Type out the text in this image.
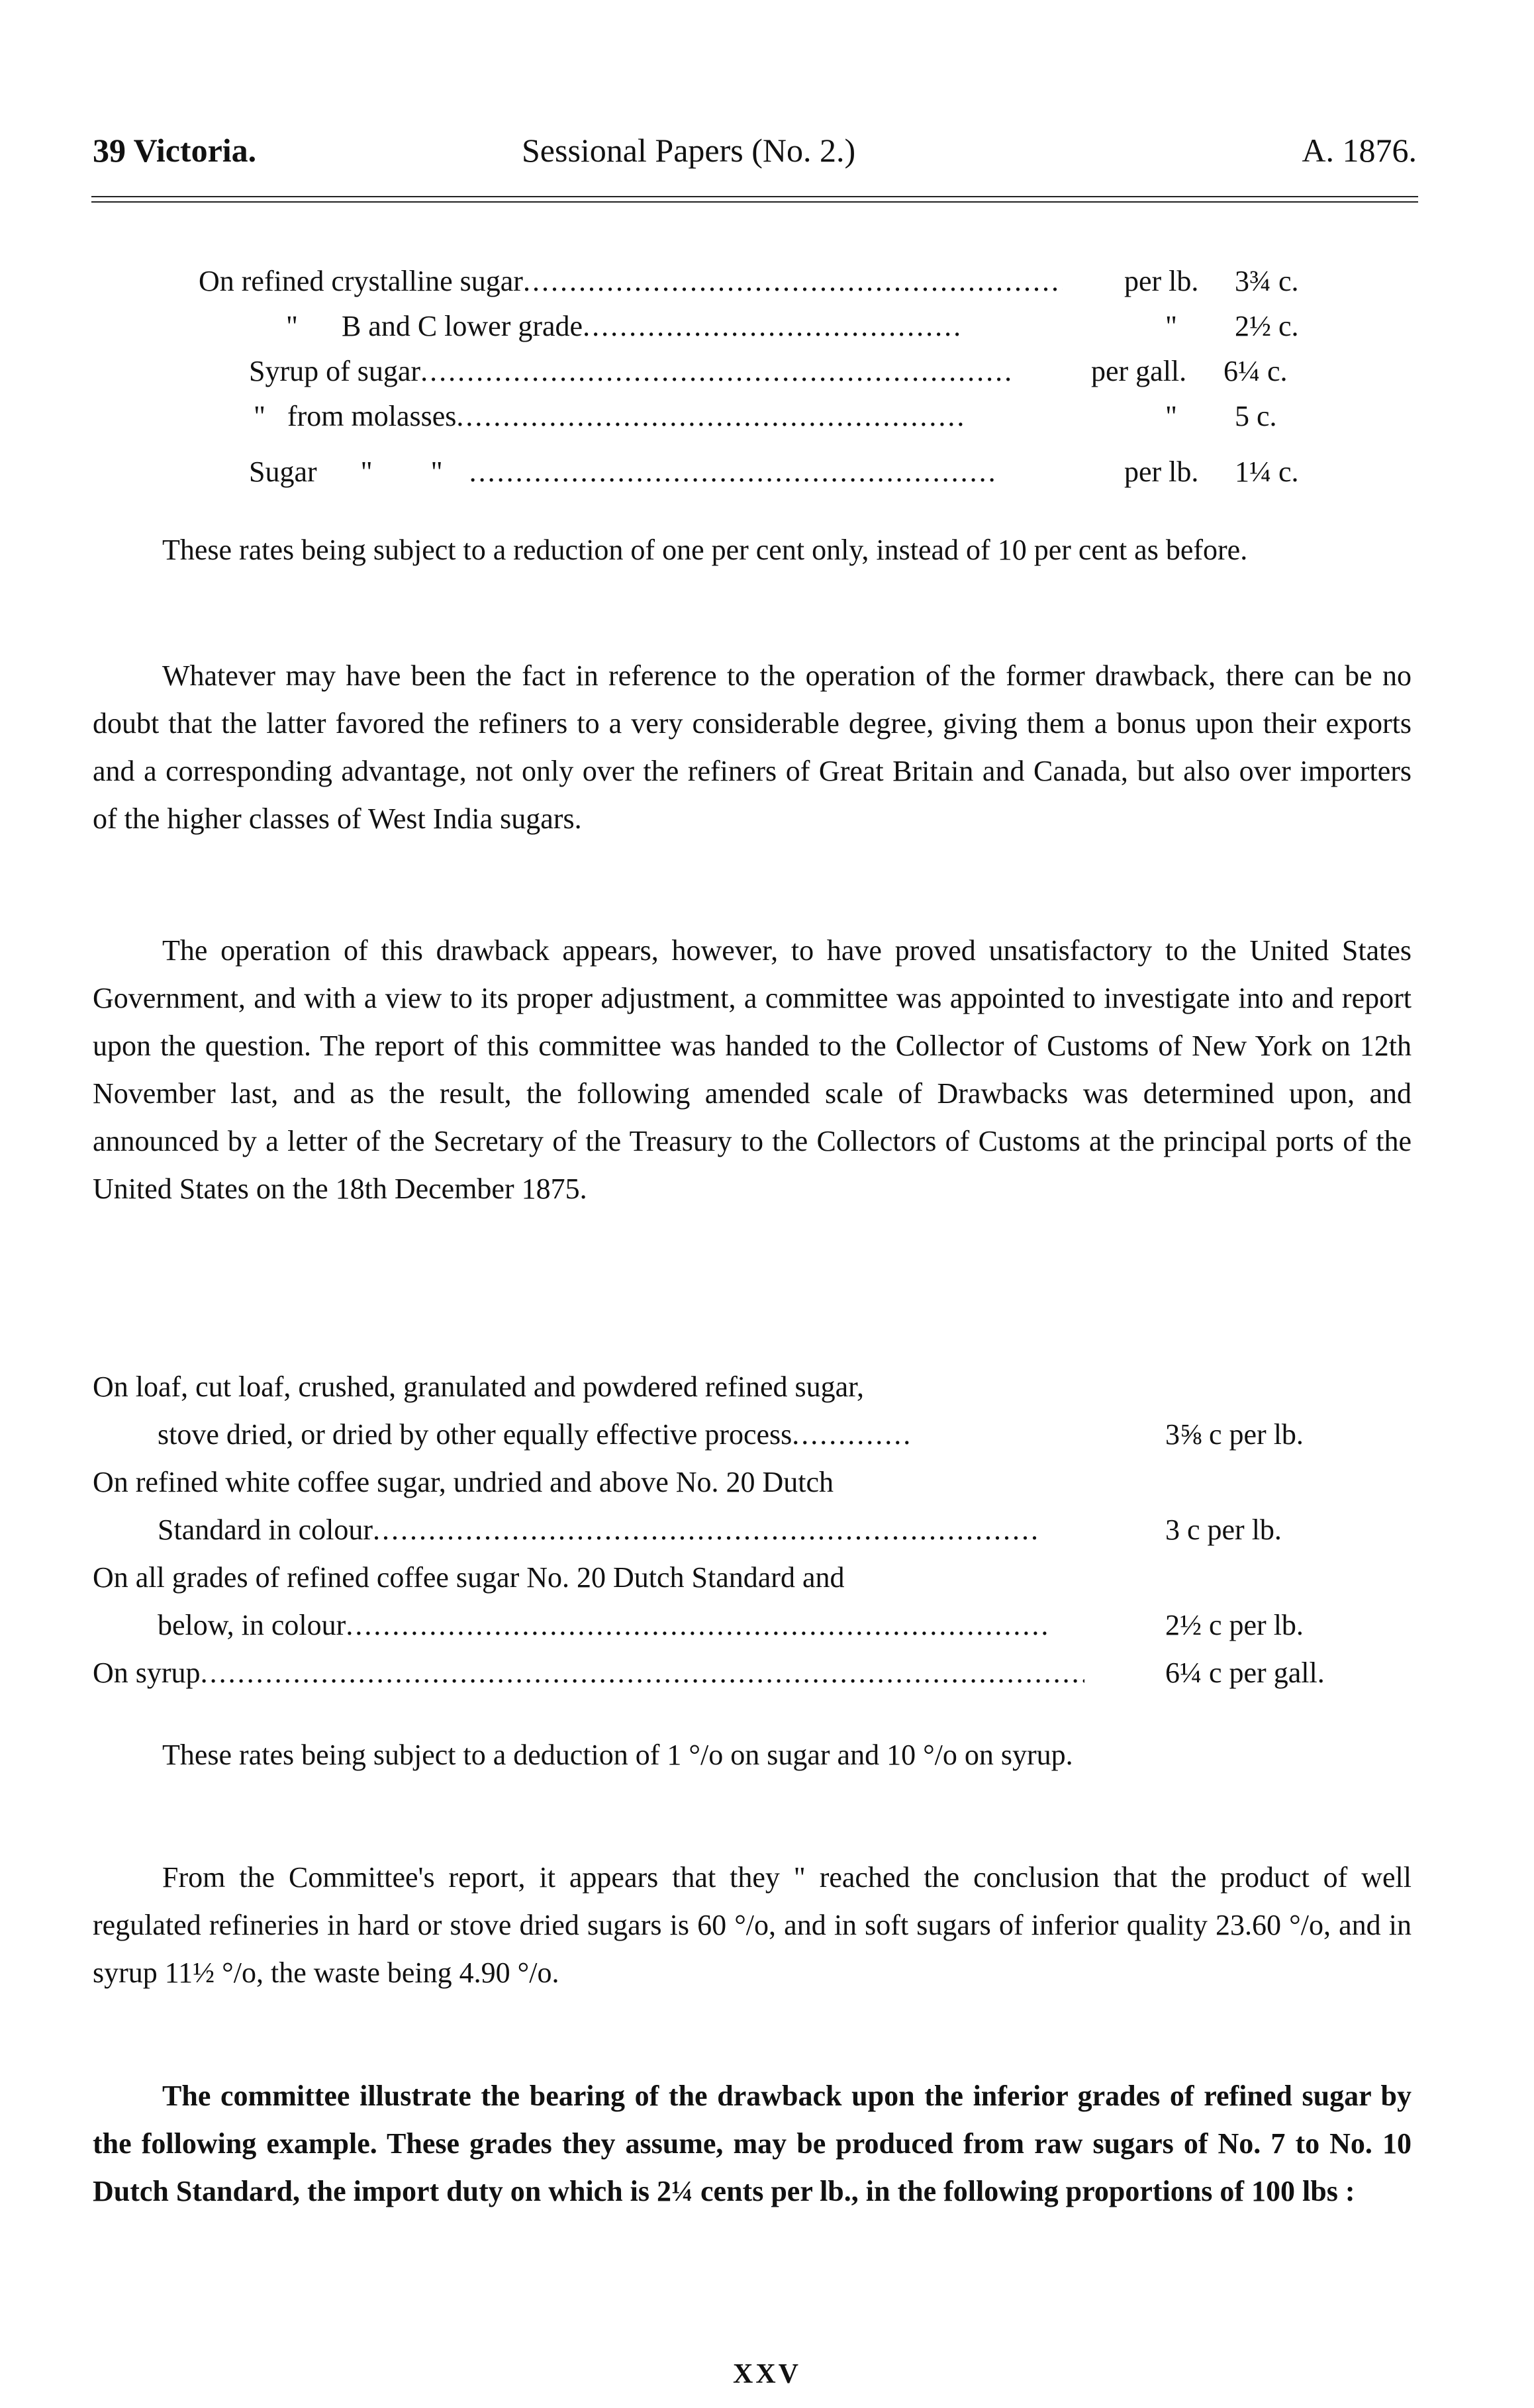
39 Victoria.	Sessional Papers (No. 2.)	A. 1876.
On refined crystalline sugar .....	per lb. 3¾ c.
"      B and C lower grade .....	" 2½ c.
Syrup of sugar .....	per gall. 6¼ c.
"   from molasses .....	" 5 c.
Sugar      "        " .....	per lb. 1¼ c.

These rates being subject to a reduction of one per cent only, instead of 10 per cent as before.

Whatever may have been the fact in reference to the operation of the former drawback, there can be no doubt that the latter favored the refiners to a very considerable degree, giving them a bonus upon their exports and a corresponding advantage, not only over the refiners of Great Britain and Canada, but also over importers of the higher classes of West India sugars.

The operation of this drawback appears, however, to have proved unsatisfactory to the United States Government, and with a view to its proper adjustment, a committee was appointed to investigate into and report upon the question. The report of this committee was handed to the Collector of Customs of New York on 12th November last, and as the result, the following amended scale of Drawbacks was determined upon, and announced by a letter of the Secretary of the Treasury to the Collectors of Customs at the principal ports of the United States on the 18th December 1875.

On loaf, cut loaf, crushed, granulated and powdered refined sugar,
stove dried, or dried by other equally effective process .....	3⅝ c per lb.
On refined white coffee sugar, undried and above No. 20 Dutch
Standard in colour .....	3 c per lb.
On all grades of refined coffee sugar No. 20 Dutch Standard and
below, in colour .....	2½ c per lb.
On syrup .....	6¼ c per gall.

These rates being subject to a deduction of 1 °/o on sugar and 10 °/o on syrup.

From the Committee's report, it appears that they " reached the conclusion that the product of well regulated refineries in hard or stove dried sugars is 60 °/o, and in soft sugars of inferior quality 23.60 °/o, and in syrup 11½ °/o, the waste being 4.90 °/o.

The committee illustrate the bearing of the drawback upon the inferior grades of refined sugar by the following example. These grades they assume, may be produced from raw sugars of No. 7 to No. 10 Dutch Standard, the import duty on which is 2¼ cents per lb., in the following proportions of 100 lbs :

XXV
